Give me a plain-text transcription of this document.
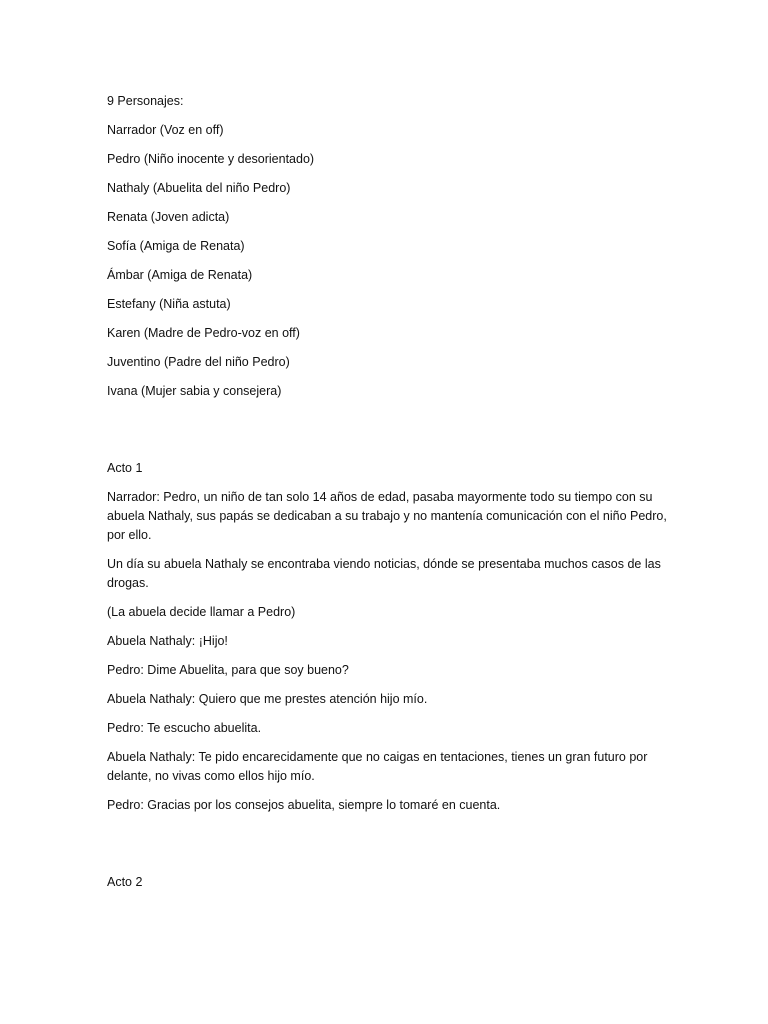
9 Personajes:

Narrador (Voz en off)

Pedro (Niño inocente y desorientado)

Nathaly (Abuelita del niño Pedro)

Renata (Joven adicta)

Sofía (Amiga de Renata)

Ámbar (Amiga de Renata)

Estefany (Niña astuta)

Karen (Madre de Pedro-voz en off)

Juventino (Padre del niño Pedro)

Ivana (Mujer sabia y consejera)

Acto 1

Narrador: Pedro, un niño de tan solo 14 años de edad, pasaba mayormente todo su tiempo con su abuela Nathaly, sus papás se dedicaban a su trabajo y no mantenía comunicación con el niño Pedro, por ello.

Un día su abuela Nathaly se encontraba viendo noticias, dónde se presentaba muchos casos de las drogas.

(La abuela decide llamar a Pedro)

Abuela Nathaly: ¡Hijo!

Pedro: Dime Abuelita, para que soy bueno?

Abuela Nathaly: Quiero que me prestes atención hijo mío.

Pedro: Te escucho abuelita.

Abuela Nathaly: Te pido encarecidamente que no caigas en tentaciones, tienes un gran futuro por delante, no vivas como ellos hijo mío.

Pedro: Gracias por los consejos abuelita, siempre lo tomaré en cuenta.

Acto 2
